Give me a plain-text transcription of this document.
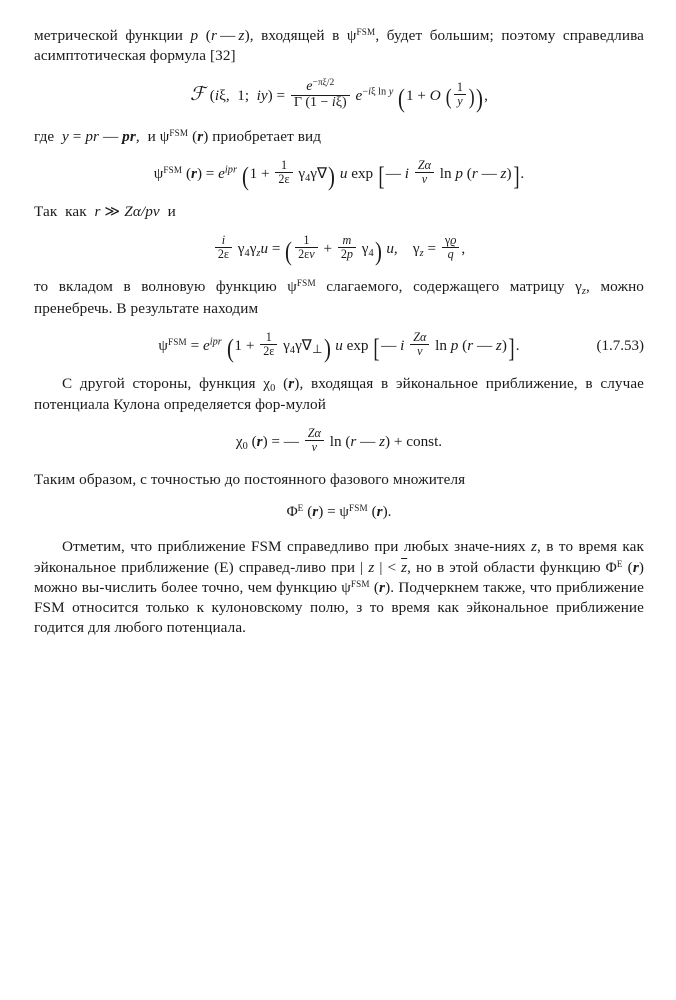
метрической функции p (r — z), входящей в $\psi^{FSM}$, будет большим; поэтому справедлива асимптотическая формула [32]

ℱ (iξ,  1;  $iy) = \frac{e^{-\pi\xi/2}}{\Gamma (1 - i\xi)} e^{-i\xi ln y}$ (1 + O ( $\frac{1}{y}$ )),

где  y = pr — pr,  и $\psi^{FSM}$ (r) приобретает вид

$\psi^{FSM}$ $(r) = e^{ipr}$ $(1 + \frac{1}{2\varepsilon} \gamma_4\gamma\nabla)$ u exp [— i $\frac{Z\alpha}{v}$ ln p (r — z)].

Так  как  r ≫ Zα/pv  и

$\frac{i}{2\varepsilon} \gamma_4\gamma_zu$ = ( $\frac{1}{2\varepsilon v} + \frac{m}{2p} \gamma_4$) u,    $\gamma_z = \frac{\gamma ϱ}{q}$ ,

то вкладом в волновую функцию $\psi^{FSM}$ слагаемого, содержащего матрицу $\gamma_z$, можно пренебречь. В результате находим

$\psi^{FSM} = e^{ipr}$ $(1 + \frac{1}{2\varepsilon} \gamma_4\gamma\nabla_\perp)$ u exp [— i $\frac{Z\alpha}{v}$ ln p (r — z)].	(1.7.53)

С другой стороны, функция $\chi_0$ (r), входящая в эйкональное приближение, в случае потенциала Кулона определяется фор‑мулой

$\chi_0$ (r) = — $\frac{Z\alpha}{v}$ ln (r — z) + const.

Таким образом, с точностью до постоянного фазового множителя

$\Phi^E$ $(r) = \psi^{FSM}$ (r).

Отметим, что приближение FSM справедливо при любых значе‑ниях z, в то время как эйкональное приближение (E) справед‑ливо при | z | < $\overline{z}$, но в этой области функцию $\Phi^E$ (r) можно вы‑числить более точно, чем функцию $\psi^{FSM}$ (r). Подчеркнем также, что приближение FSM относится только к кулоновскому полю, з то время как эйкональное приближение годится для любого потенциала.
